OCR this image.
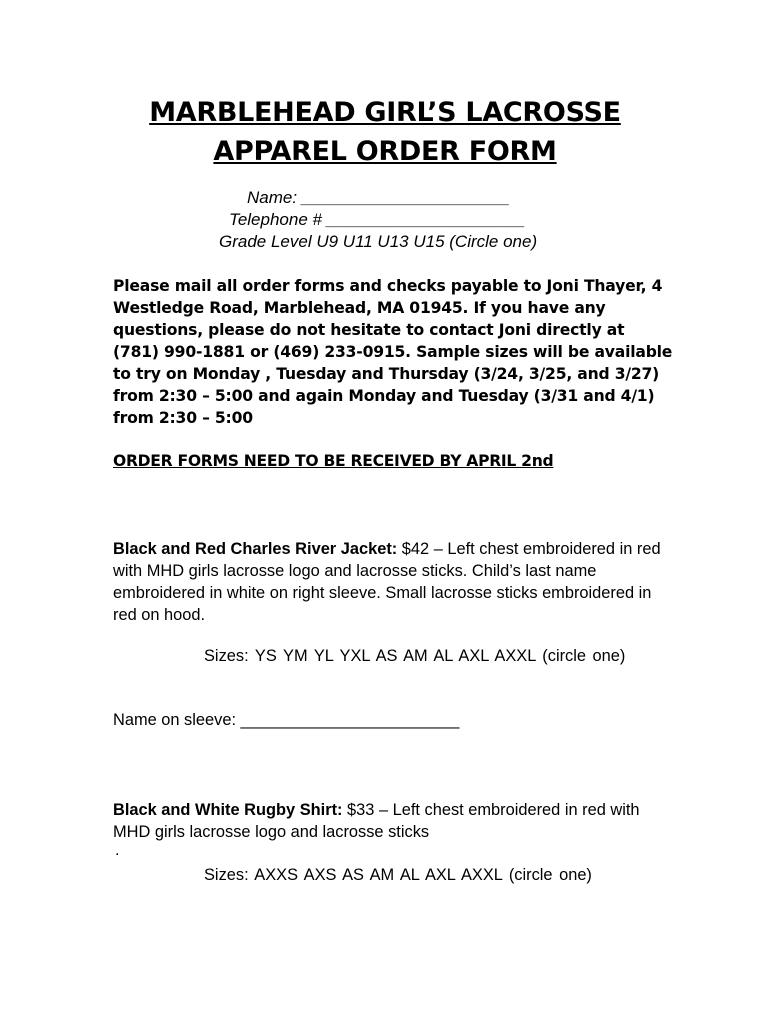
MARBLEHEAD GIRL’S LACROSSE
APPAREL ORDER FORM
Name: ______________________
Telephone # _____________________
Grade Level U9 U11 U13 U15 (Circle one)
Please mail all order forms and checks payable to Joni Thayer, 4 Westledge Road, Marblehead, MA 01945. If you have any questions, please do not hesitate to contact Joni directly at (781) 990-1881 or (469) 233-0915. Sample sizes will be available to try on Monday , Tuesday and Thursday (3/24, 3/25, and 3/27) from 2:30 – 5:00 and again Monday and Tuesday (3/31 and 4/1) from 2:30 – 5:00
ORDER FORMS NEED TO BE RECEIVED BY APRIL 2nd
Black and Red Charles River Jacket: $42 – Left chest embroidered in red with MHD girls lacrosse logo and lacrosse sticks. Child’s last name embroidered in white on right sleeve. Small lacrosse sticks embroidered in red on hood.
Sizes: YS YM YL YXL AS AM AL AXL AXXL (circle one)
Name on sleeve: ________________________
Black and White Rugby Shirt: $33 – Left chest embroidered in red with MHD girls lacrosse logo and lacrosse sticks
.
Sizes: AXXS AXS AS AM AL AXL AXXL (circle one)
